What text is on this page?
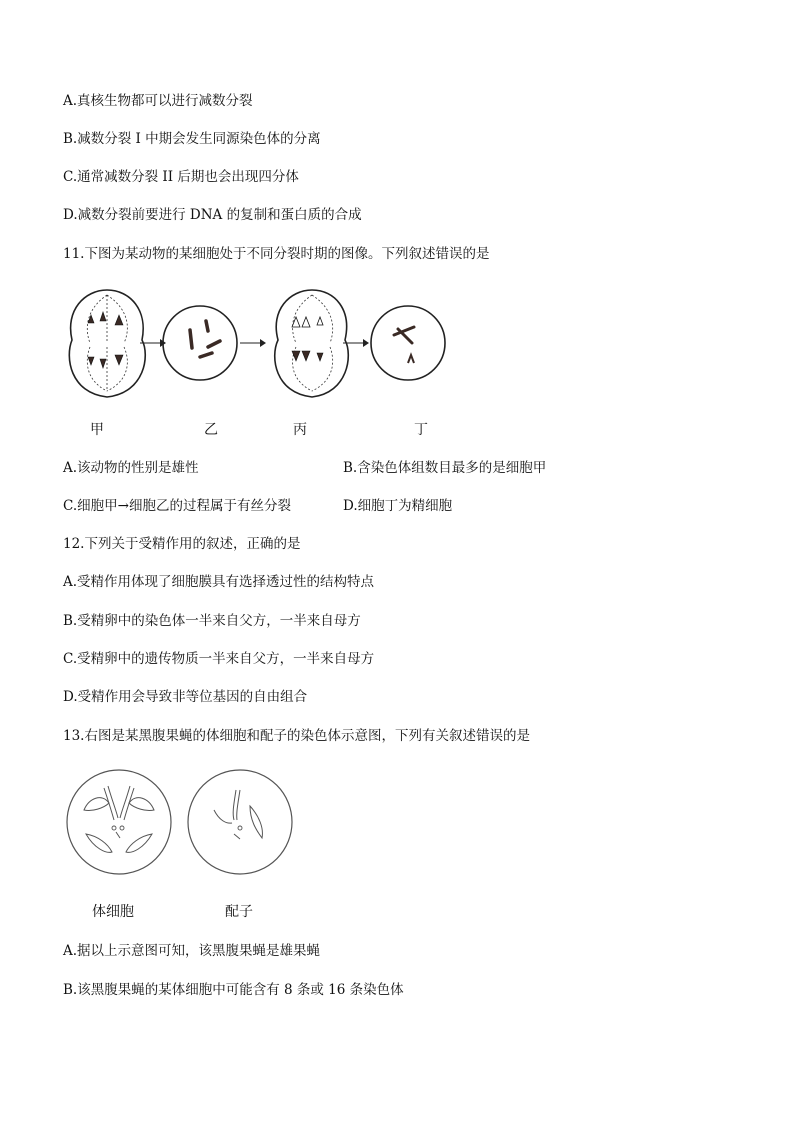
A.真核生物都可以进行减数分裂
B.减数分裂 I 中期会发生同源染色体的分离
C.通常减数分裂 II 后期也会出现四分体
D.减数分裂前要进行 DNA 的复制和蛋白质的合成
11.下图为某动物的某细胞处于不同分裂时期的图像。下列叙述错误的是
甲	乙	丙	丁
A.该动物的性别是雄性	B.含染色体组数目最多的是细胞甲
C.细胞甲→细胞乙的过程属于有丝分裂	D.细胞丁为精细胞
12.下列关于受精作用的叙述，正确的是
A.受精作用体现了细胞膜具有选择透过性的结构特点
B.受精卵中的染色体一半来自父方，一半来自母方
C.受精卵中的遗传物质一半来自父方，一半来自母方
D.受精作用会导致非等位基因的自由组合
13.右图是某黑腹果蝇的体细胞和配子的染色体示意图，下列有关叙述错误的是
体细胞	配子
A.据以上示意图可知，该黑腹果蝇是雄果蝇
B.该黑腹果蝇的某体细胞中可能含有 8 条或 16 条染色体
